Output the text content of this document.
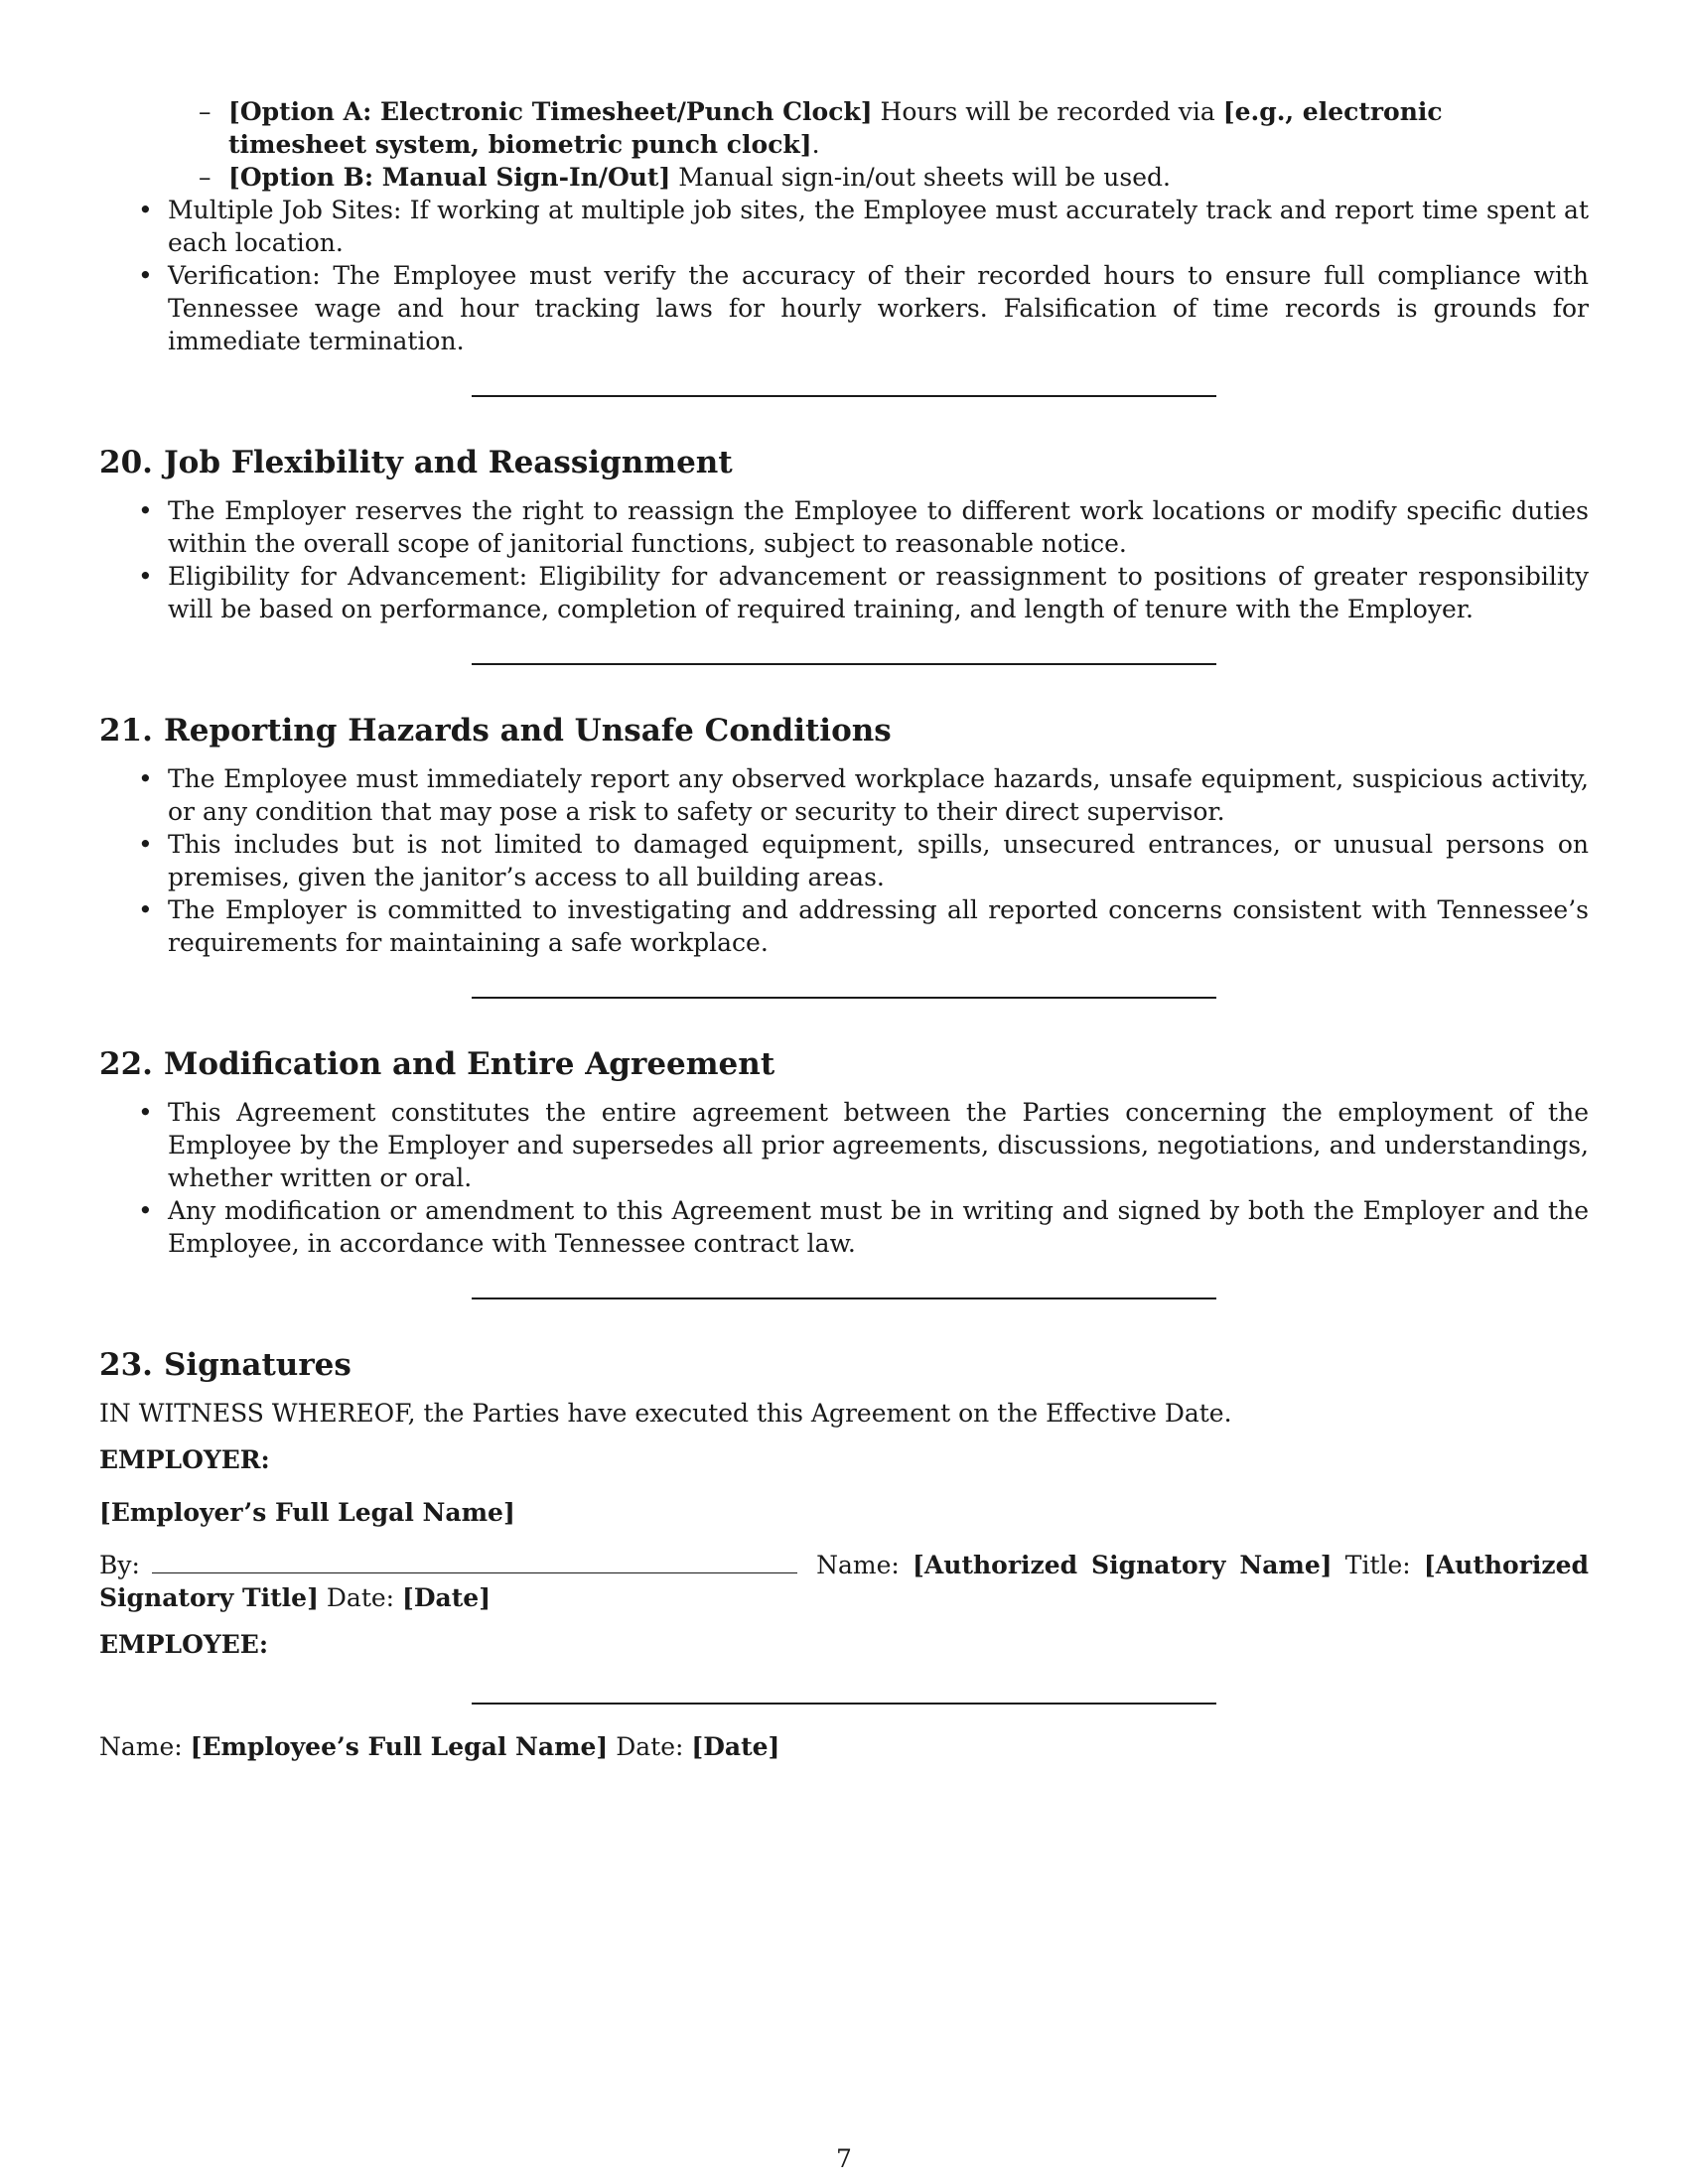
– [Option A: Electronic Timesheet/Punch Clock] Hours will be recorded via [e.g., electronic timesheet system, biometric punch clock].

– [Option B: Manual Sign-In/Out] Manual sign-in/out sheets will be used.

• Multiple Job Sites: If working at multiple job sites, the Employee must accurately track and report time spent at each location.
• Verification: The Employee must verify the accuracy of their recorded hours to ensure full compliance with Tennessee wage and hour tracking laws for hourly workers. Falsification of time records is grounds for immediate termination.
20. Job Flexibility and Reassignment
• The Employer reserves the right to reassign the Employee to different work locations or modify specific duties within the overall scope of janitorial functions, subject to reasonable notice.
• Eligibility for Advancement: Eligibility for advancement or reassignment to positions of greater responsibility will be based on performance, completion of required training, and length of tenure with the Employer.
21. Reporting Hazards and Unsafe Conditions
• The Employee must immediately report any observed workplace hazards, unsafe equipment, suspicious activity, or any condition that may pose a risk to safety or security to their direct supervisor.
• This includes but is not limited to damaged equipment, spills, unsecured entrances, or unusual persons on premises, given the janitor’s access to all building areas.
• The Employer is committed to investigating and addressing all reported concerns consistent with Tennessee’s requirements for maintaining a safe workplace.
22. Modification and Entire Agreement
• This Agreement constitutes the entire agreement between the Parties concerning the employment of the Employee by the Employer and supersedes all prior agreements, discussions, negotiations, and understandings, whether written or oral.
• Any modification or amendment to this Agreement must be in writing and signed by both the Employer and the Employee, in accordance with Tennessee contract law.
23. Signatures

IN WITNESS WHEREOF, the Parties have executed this Agreement on the Effective Date.

EMPLOYER:

[Employer’s Full Legal Name]

By:	Name: [Authorized Signatory Name] Title: [Authorized Signatory Title] Date: [Date]

EMPLOYEE:

Name: [Employee’s Full Legal Name] Date: [Date]

7
